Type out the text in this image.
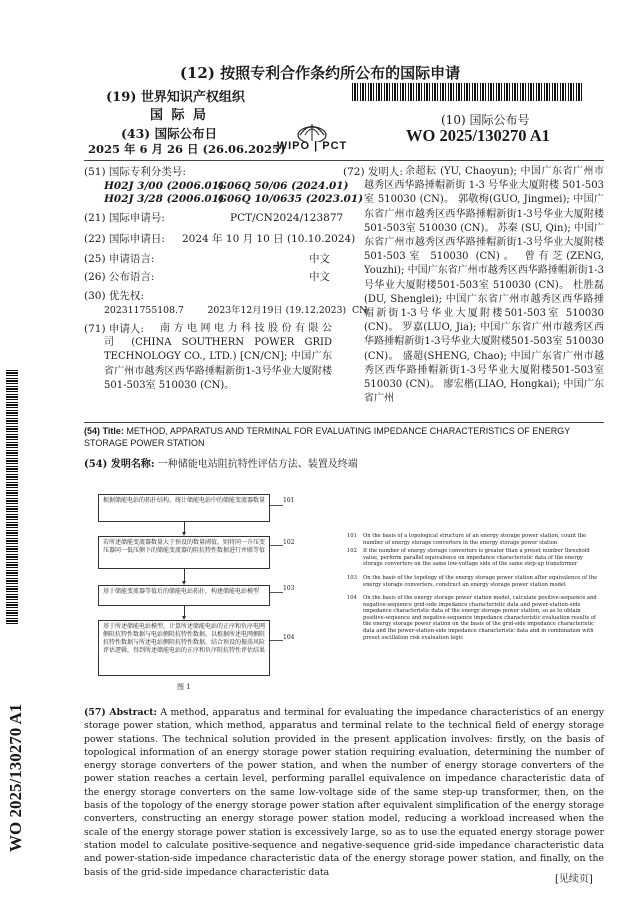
(12) 按照专利合作条约所公布的国际申请
(19) 世界知识产权组织
国 际 局
(43) 国际公布日
2025 年 6 月 26 日 (26.06.2025)
WIPO | PCT
(10) 国际公布号
WO 2025/130270 A1
(51) 国际专利分类号:
H02J 3/00 (2006.01)
G06Q 50/06 (2024.01)
H02J 3/28 (2006.01)
G06Q 10/0635 (2023.01)
(21) 国际申请号:	PCT/CN2024/123877
(22) 国际申请日: 2024 年 10 月 10 日 (10.10.2024)
(25) 申请语言:	中文
(26) 公布语言:	中文
(30) 优先权:
202311755108.7        2023年12月19日 (19.12.2023)  CN
(71) 申请人:	南 方 电 网 电 力 科 技 股 份 有 限 公 司 (CHINA SOUTHERN POWER GRID TECHNOLOGY CO., LTD.) [CN/CN]; 中国广东省广州市越秀区西华路捶帽新街1-3号华业大厦附楼501-503室 510030 (CN)。
(72) 发明人: 余超耘 (YU, Chaoyun); 中国广东省广州市越秀区西华路捶帽新街 1-3 号华业大厦附楼 501-503 室 510030 (CN)。 郭敬梅(GUO, Jingmei); 中国广东省广州市越秀区西华路捶帽新街1-3号华业大厦附楼501-503室 510030 (CN)。 苏秦 (SU, Qin); 中国广东省广州市越秀区西华路捶帽新街1-3号华业大厦附楼501-503室 510030 (CN)。 曾有芝(ZENG, Youzhi); 中国广东省广州市越秀区西华路捶帽新街1-3号华业大厦附楼501-503室 510030 (CN)。 杜胜磊(DU, Shenglei); 中国广东省广州市越秀区西华路捶帽新街1-3号华业大厦附楼501-503室 510030 (CN)。 罗嘉(LUO, Jia); 中国广东省广州市越秀区西华路捶帽新街1-3号华业大厦附楼501-503室 510030 (CN)。 盛超(SHENG, Chao); 中国广东省广州市越秀区西华路捶帽新街1-3号华业大厦附楼501-503室 510030 (CN)。 廖宏楷(LIAO, Hongkai); 中国广东省广州
WO 2025/130270 A1
(54) Title: METHOD, APPARATUS AND TERMINAL FOR EVALUATING IMPEDANCE CHARACTERISTICS OF ENERGY STORAGE POWER STATION
(54) 发明名称: 一种储能电站阻抗特性评估方法、装置及终端
根据储能电站的拓扑结构，统计储能电站中的储能变流器数量	101
若所述储能变流器数量大于预设的数量阈值，则将同一升压变压器同一低压侧下的储能变流器的阻抗特性数据进行并联等值
102
基于储能变流器等值后的储能电站拓扑，构建储能电站模型	103
基于所述储能电站模型，计算所述储能电站的正序和负序电网侧阻抗特性数据与电站侧阻抗特性数据，以根据所述电网侧阻抗特性数据与所述电站侧阻抗特性数据，结合预设的振荡风险评估逻辑，得到所述储能电站的正序和负序阻抗特性评估结果
104
图 1
101 On the basis of a topological structure of an energy storage power station, count the number of energy storage converters in the energy storage power station
102 If the number of energy storage converters is greater than a preset number threshold value, perform parallel equivalence on impedance characteristic data of the energy storage converters on the same low-voltage side of the same step-up transformer
103 On the basis of the topology of the energy storage power station after equivalence of the energy storage converters, construct an energy storage power station model
104 On the basis of the energy storage power station model, calculate positive-sequence and negative-sequence grid-side impedance characteristic data and power-station-side impedance characteristic data of the energy storage power station, so as to obtain positive-sequence and negative-sequence impedance characteristic evaluation results of the energy storage power station on the basis of the grid-side impedance characteristic data and the power-station-side impedance characteristic data and in combination with preset oscillation risk evaluation logic
(57) Abstract: A method, apparatus and terminal for evaluating the impedance characteristics of an energy storage power station, which method, apparatus and terminal relate to the technical field of energy storage power stations. The technical solution provided in the present application involves: firstly, on the basis of topological information of an energy storage power station requiring evaluation, determining the number of energy storage converters of the power station, and when the number of energy storage converters of the power station reaches a certain level, performing parallel equivalence on impedance characteristic data of the energy storage converters on the same low-voltage side of the same step-up transformer, then, on the basis of the topology of the energy storage power station after equivalent simplification of the energy storage converters, constructing an energy storage power station model, reducing a workload increased when the scale of the energy storage power station is excessively large, so as to use the equated energy storage power station model to calculate positive-sequence and negative-sequence grid-side impedance characteristic data and power-station-side impedance characteristic data of the energy storage power station, and finally, on the basis of the grid-side impedance characteristic data
[见续页]
